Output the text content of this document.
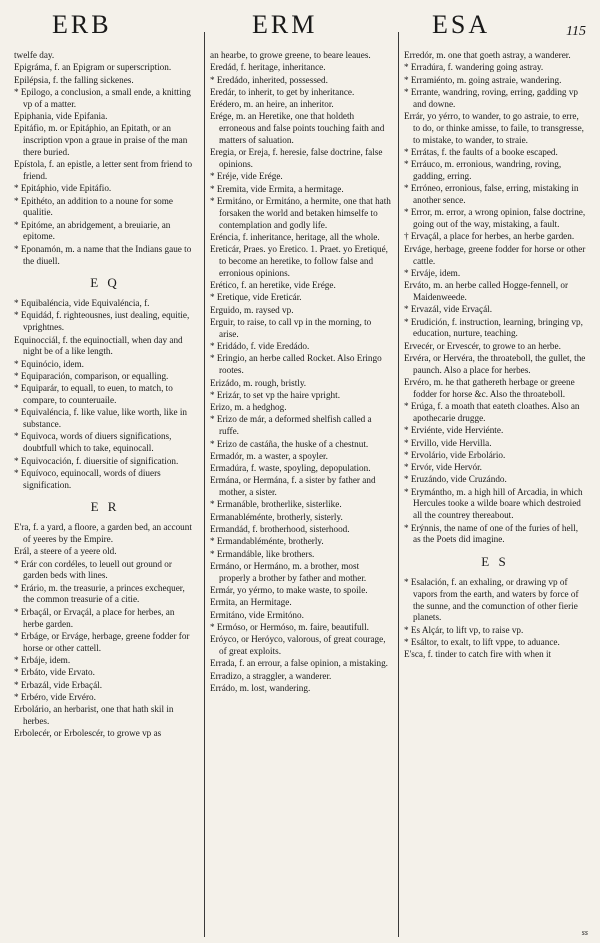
ERB	ERM	ESA	115
twelfe day.
Epigráma, f. an Epigram or superscription.
Epilépsia, f. the falling sickenes.
* Epilogo, a conclusion, a small ende, a knitting vp of a matter.
Epiphania, vide Epifania.
Epitáfio, m. or Epitáphio, an Epitath, or an inscription vpon a graue in praise of the man there buried.
Epístola, f. an epistle, a letter sent from friend to friend.
* Epitáphio, vide Epitáfio.
* Epithéto, an addition to a noune for some qualitie.
* Epitóme, an abridgement, a breuiarie, an epitome.
* Eponamón, m. a name that the Indians gaue to the diuell.
E Q
* Equibaléncia, vide Equivaléncia, f.
* Equidád, f. righteousnes, iust dealing, equitie, vprightnes.
Equinocciál, f. the equinoctiall, when day and night be of a like length.
* Equinócio, idem.
* Equiparación, comparison, or equalling.
* Equiparár, to equall, to euen, to match, to compare, to counteruaile.
* Equivaléncia, f. like value, like worth, like in substance.
* Equivoca, words of diuers significations, doubtfull which to take, equinocall.
* Equivocación, f. diuersitie of signification.
* Equívoco, equinocall, words of diuers signification.
E R
E'ra, f. a yard, a floore, a garden bed, an account of yeeres by the Empire.
Erál, a steere of a yeere old.
* Erár con cordéles, to leuell out ground or garden beds with lines.
* Erário, m. the treasurie, a princes exchequer, the common treasurie of a citie.
* Erbaçál, or Ervaçál, a place for herbes, an herbe garden.
* Erbáge, or Erváge, herbage, greene fodder for horse or other cattell.
* Erbáje, idem.
* Erbáto, vide Ervato.
* Erbazál, vide Erbaçál.
* Erbéro, vide Ervéro.
Erbolário, an herbarist, one that hath skil in herbes.
Erbolecér, or Erbolescér, to growe vp as
an hearbe, to growe greene, to beare leaues.
Eredád, f. heritage, inheritance.
* Eredádo, inherited, possessed.
Eredár, to inherit, to get by inheritance.
Erédero, m. an heire, an inheritor.
Erége, m. an Heretike, one that holdeth erroneous and false points touching faith and matters of saluation.
Eregia, or Ereja, f. heresie, false doctrine, false opinions.
* Eréje, vide Erége.
* Eremita, vide Ermita, a hermitage.
* Ermitáno, or Ermitáno, a hermite, one that hath forsaken the world and betaken himselfe to contemplation and godly life.
Eréncia, f. inheritance, heritage, all the whole.
Ereticár, Praes. yo Eretico. 1. Praet. yo Eretiqué, to become an heretike, to follow false and erronious opinions.
Erético, f. an heretike, vide Erége.
* Eretique, vide Ereticár.
Erguido, m. raysed vp.
Erguir, to raise, to call vp in the morning, to arise.
* Eridádo, f. vide Eredádo.
* Eringio, an herbe called Rocket. Also Eringo rootes.
Erizádo, m. rough, bristly.
* Erizár, to set vp the haire vpright.
Erizo, m. a hedghog.
* Erizo de már, a deformed shelfish called a ruffe.
* Erizo de castáña, the huske of a chestnut.
Ermadór, m. a waster, a spoyler.
Ermadúra, f. waste, spoyling, depopulation.
Ermána, or Hermána, f. a sister by father and mother, a sister.
* Ermanáble, brotherlike, sisterlike.
Ermanabléménte, brotherly, sisterly.
Ermandád, f. brotherhood, sisterhood.
* Ermandabléménte, brotherly.
* Ermandáble, like brothers.
Ermáno, or Hermáno, m. a brother, most properly a brother by father and mother.
Ermár, yo yérmo, to make waste, to spoile.
Ermita, an Hermitage.
Ermitáno, vide Ermitóno.
* Ermóso, or Hermóso, m. faire, beautifull.
Eróyco, or Heróyco, valorous, of great courage, of great exploits.
Errada, f. an errour, a false opinion, a mistaking.
Erradizo, a straggler, a wanderer.
Errádo, m. lost, wandering.
Erredór, m. one that goeth astray, a wanderer.
* Erradúra, f. wandering going astray.
* Erramiénto, m. going astraie, wandering.
* Errante, wandring, roving, erring, gadding vp and downe.
Errár, yo yérro, to wander, to go astraie, to erre, to do, or thinke amisse, to faile, to transgresse, to mistake, to wander, to straie.
* Errátas, f. the faults of a booke escaped.
* Erráuco, m. erronious, wandring, roving, gadding, erring.
* Erróneo, erronious, false, erring, mistaking in another sence.
* Error, m. error, a wrong opinion, false doctrine, going out of the way, mistaking, a fault.
† Ervaçál, a place for herbes, an herbe garden.
Erváge, herbage, greene fodder for horse or other cattle.
* Erváje, idem.
Erváto, m. an herbe called Hogge-fennell, or Maidenweede.
* Ervazál, vide Ervaçál.
* Erudición, f. instruction, learning, bringing vp, education, nurture, teaching.
Ervecér, or Ervescér, to growe to an herbe.
Ervéra, or Hervéra, the throateboll, the gullet, the paunch. Also a place for herbes.
Ervéro, m. he that gathereth herbage or greene fodder for horse &c. Also the throateboll.
* Erúga, f. a moath that eateth cloathes. Also an apothecarie drugge.
* Erviénte, vide Herviénte.
* Ervillo, vide Hervilla.
* Ervolário, vide Erbolário.
* Ervór, vide Hervór.
* Eruzándo, vide Cruzándo.
* Erymántho, m. a high hill of Arcadia, in which Hercules tooke a wilde boare which destroied all the countrey thereabout.
* Erýnnis, the name of one of the furies of hell, as the Poets did imagine.
E S
* Esalación, f. an exhaling, or drawing vp of vapors from the earth, and waters by force of the sunne, and the comunction of other fierie planets.
* Es Alçár, to lift vp, to raise vp.
* Esáltor, to exalt, to lift vppe, to aduance.
E'sca, f. tinder to catch fire with when it
ss
